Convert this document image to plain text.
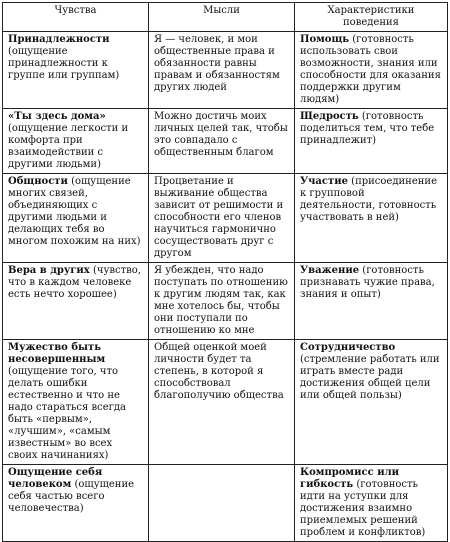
Чувства	Мысли	Характеристики поведения
Принадлежности (ощущение принадлежности к группе или группам)	Я — человек, и мои общественные права и обязанности равны правам и обязанностям других людей	Помощь (готовность использовать свои возможности, знания или способности для оказания поддержки другим людям)
«Ты здесь дома» (ощущение легкости и комфорта при взаимодействии с другими людьми)	Можно достичь моих личных целей так, чтобы это совпадало с общественным благом	Щедрость (готовность поделиться тем, что тебе принадлежит)
Общности (ощущение многих связей, объединяющих с другими людьми и делающих тебя во многом похожим на них)	Процветание и выживание общества зависит от решимости и способности его членов научиться гармонично сосуществовать друг с другом	Участие (присоединение к групповой деятельности, готовность участвовать в ней)
Вера в других (чувство, что в каждом человеке есть нечто хорошее)	Я убежден, что надо поступать по отношению к другим людям так, как мне хотелось бы, чтобы они поступали по отношению ко мне	Уважение (готовность признавать чужие права, знания и опыт)
Мужество быть несовершенным (ощущение того, что делать ошибки естественно и что не надо стараться всегда быть «первым», «лучшим», «самым известным» во всех своих начинаниях)	Общей оценкой моей личности будет та степень, в которой я способствовал благополучию общества	Сотрудничество (стремление работать или играть вместе ради достижения общей цели или общей пользы)
Ощущение себя человеком (ощущение себя частью всего человечества)		Компромисс или гибкость (готовность идти на уступки для достижения взаимно приемлемых решений проблем и конфликтов)
